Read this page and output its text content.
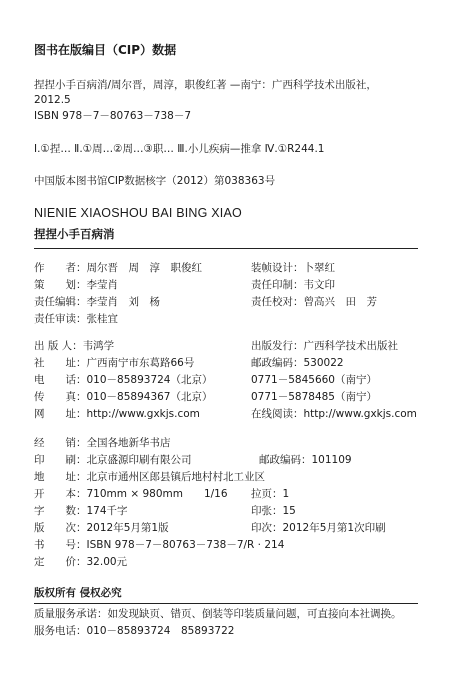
图书在版编目（CIP）数据
捏捏小手百病消/周尔晋，周淳，职俊红著 —南宁：广西科学技术出版社，
2012.5
ISBN 978－7－80763－738－7
Ⅰ.①捏… Ⅱ.①周…②周…③职… Ⅲ.小儿疾病—推拿 Ⅳ.①R244.1
中国版本图书馆CIP数据核字（2012）第038363号
NIENIE XIAOSHOU BAI BING XIAO
捏捏小手百病消
作　　者：周尔晋　周　淳　职俊红	装帧设计：卜翠红
策　　划：李莹肖	责任印制：韦文印
责任编辑：李莹肖　刘　杨	责任校对：曾高兴　田　芳
责任审读：张桂宜
出 版 人：韦鸿学	出版发行：广西科学技术出版社
社　　址：广西南宁市东葛路66号	邮政编码：530022
电　　话：010－85893724（北京）	0771－5845660（南宁）
传　　真：010－85894367（北京）	0771－5878485（南宁）
网　　址：http://www.gxkjs.com	在线阅读：http://www.gxkjs.com
经　　销：全国各地新华书店
印　　刷：北京盛源印刷有限公司	邮政编码：101109
地　　址：北京市通州区郎县镇后地村村北工业区
开　　本：710mm × 980mm　　1/16 拉页：1
字　　数：174千字	印张：15
版　　次：2012年5月第1版	印次：2012年5月第1次印刷
书　　号：ISBN 978－7－80763－738－7/R · 214
定　　价：32.00元
版权所有 侵权必究
质量服务承诺：如发现缺页、错页、倒装等印装质量问题，可直接向本社调换。
服务电话：010－85893724　85893722
